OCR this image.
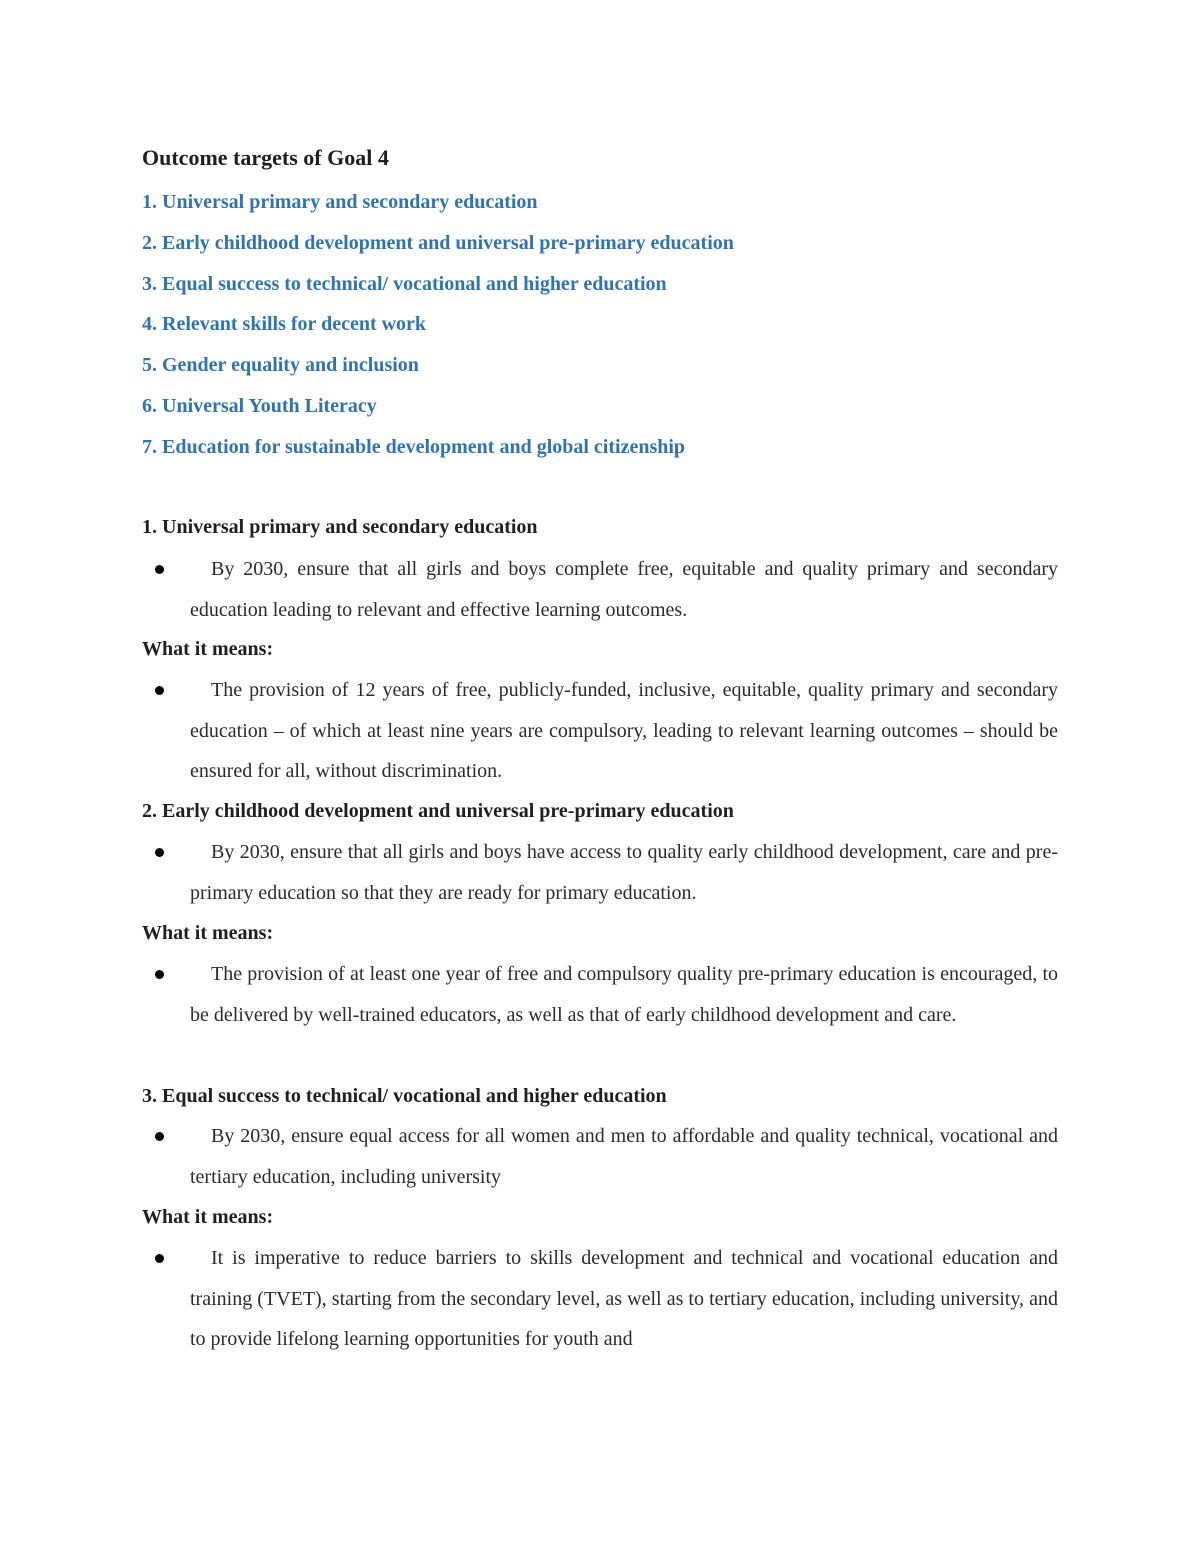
Outcome targets of Goal 4
1. Universal primary and secondary education
2. Early childhood development and universal pre-primary education
3. Equal success to technical/ vocational and higher education
4. Relevant skills for decent work
5. Gender equality and inclusion
6. Universal Youth Literacy
7. Education for sustainable development and global citizenship
1. Universal primary and secondary education
By 2030, ensure that all girls and boys complete free, equitable and quality primary and secondary education leading to relevant and effective learning outcomes.
What it means:
The provision of 12 years of free, publicly-funded, inclusive, equitable, quality primary and secondary education – of which at least nine years are compulsory, leading to relevant learning outcomes – should be ensured for all, without discrimination.
2. Early childhood development and universal pre-primary education
By 2030, ensure that all girls and boys have access to quality early childhood development, care and pre-primary education so that they are ready for primary education.
What it means:
The provision of at least one year of free and compulsory quality pre-primary education is encouraged, to be delivered by well-trained educators, as well as that of early childhood development and care.
3. Equal success to technical/ vocational and higher education
By 2030, ensure equal access for all women and men to affordable and quality technical, vocational and tertiary education, including university
What it means:
It is imperative to reduce barriers to skills development and technical and vocational education and training (TVET), starting from the secondary level, as well as to tertiary education, including university, and to provide lifelong learning opportunities for youth and
